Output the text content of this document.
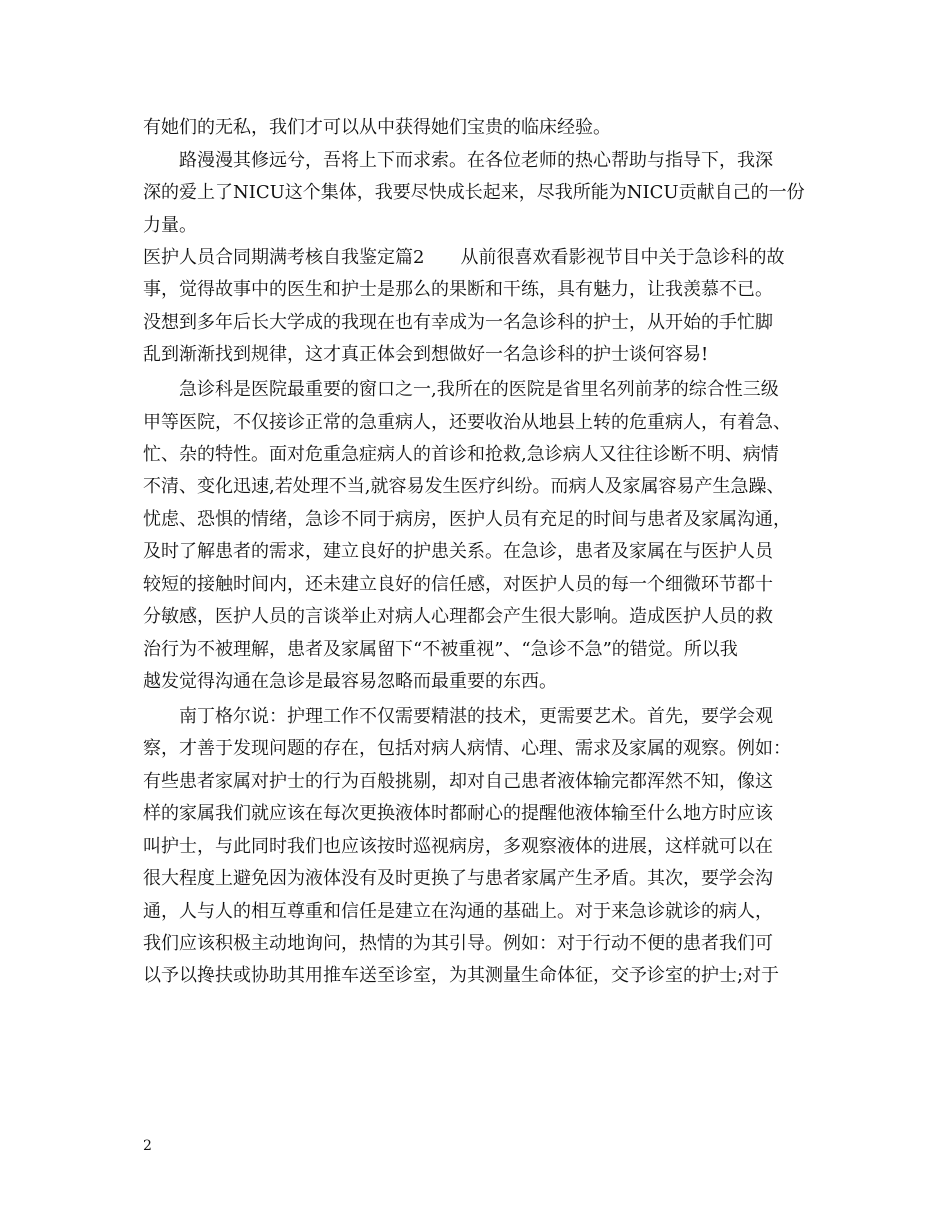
有她们的无私，我们才可以从中获得她们宝贵的临床经验。
　　路漫漫其修远兮，吾将上下而求索。在各位老师的热心帮助与指导下，我深
深的爱上了NICU这个集体，我要尽快成长起来，尽我所能为NICU贡献自己的一份
力量。
医护人员合同期满考核自我鉴定篇2　　从前很喜欢看影视节目中关于急诊科的故
事，觉得故事中的医生和护士是那么的果断和干练，具有魅力，让我羡慕不已。
没想到多年后长大学成的我现在也有幸成为一名急诊科的护士，从开始的手忙脚
乱到渐渐找到规律，这才真正体会到想做好一名急诊科的护士谈何容易!
　　急诊科是医院最重要的窗口之一,我所在的医院是省里名列前茅的综合性三级
甲等医院，不仅接诊正常的急重病人，还要收治从地县上转的危重病人，有着急、
忙、杂的特性。面对危重急症病人的首诊和抢救,急诊病人又往往诊断不明、病情
不清、变化迅速,若处理不当,就容易发生医疗纠纷。而病人及家属容易产生急躁、
忧虑、恐惧的情绪，急诊不同于病房，医护人员有充足的时间与患者及家属沟通，
及时了解患者的需求，建立良好的护患关系。在急诊，患者及家属在与医护人员
较短的接触时间内，还未建立良好的信任感，对医护人员的每一个细微环节都十
分敏感，医护人员的言谈举止对病人心理都会产生很大影响。造成医护人员的救
治行为不被理解，患者及家属留下“不被重视”、“急诊不急”的错觉。所以我
越发觉得沟通在急诊是最容易忽略而最重要的东西。
　　南丁格尔说：护理工作不仅需要精湛的技术，更需要艺术。首先，要学会观
察，才善于发现问题的存在，包括对病人病情、心理、需求及家属的观察。例如：
有些患者家属对护士的行为百般挑剔，却对自己患者液体输完都浑然不知，像这
样的家属我们就应该在每次更换液体时都耐心的提醒他液体输至什么地方时应该
叫护士，与此同时我们也应该按时巡视病房，多观察液体的进展，这样就可以在
很大程度上避免因为液体没有及时更换了与患者家属产生矛盾。其次，要学会沟
通，人与人的相互尊重和信任是建立在沟通的基础上。对于来急诊就诊的病人，
我们应该积极主动地询问，热情的为其引导。例如：对于行动不便的患者我们可
以予以搀扶或协助其用推车送至诊室，为其测量生命体征，交予诊室的护士;对于
2
